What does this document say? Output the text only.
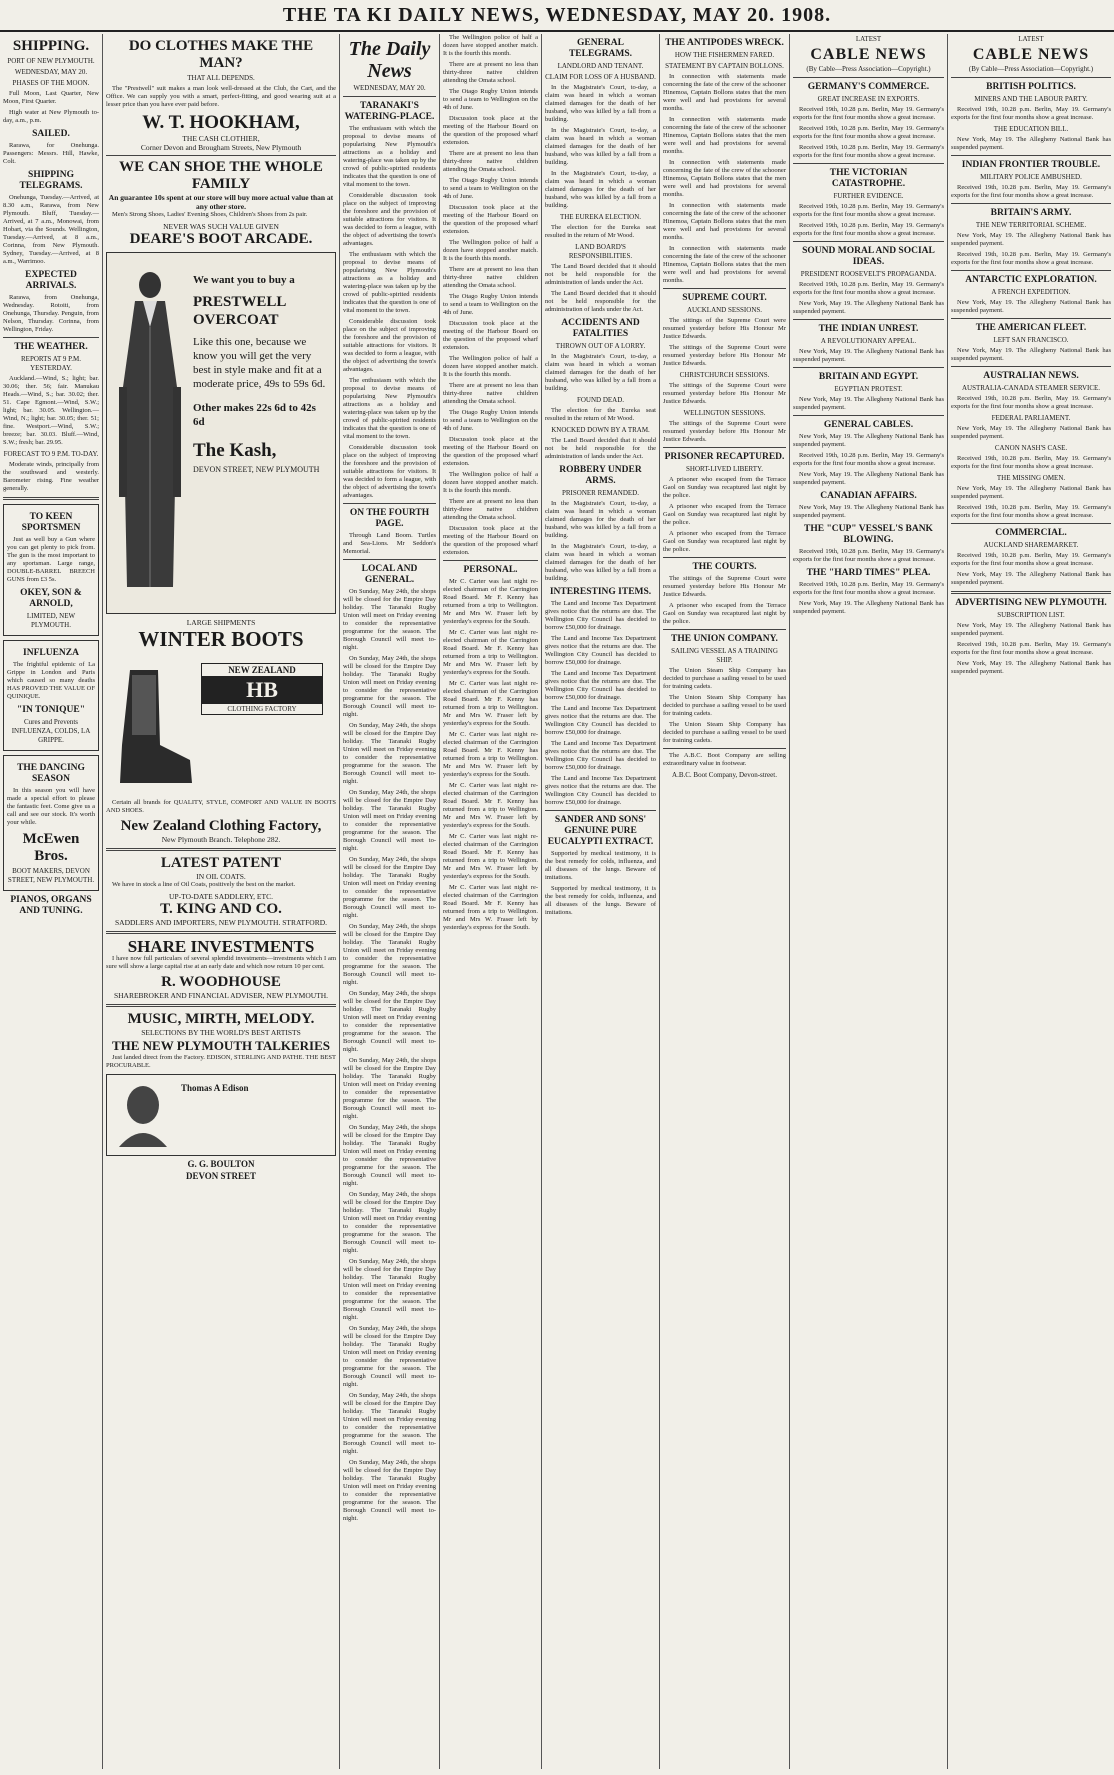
THE TA KI DAILY NEWS, WEDNESDAY, MAY 20. 1908.
SHIPPING.
PORT OF NEW PLYMOUTH.
WEDNESDAY, MAY 20.
PHASES OF THE MOON.

Full Moon, Last Quarter, New Moon, First Quarter.

High water at New Plymouth to-day, a.m., p.m.

SAILED.

Rarawa, for Onehunga. Passengers: Messrs. Hill, Hawke, Colt.

SHIPPING TELEGRAMS.

Onehunga, Tuesday.—Arrived, at 8.30 a.m., Rarawa, from New Plymouth. Bluff, Tuesday.—Arrived, at 7 a.m., Monowai, from Hobart, via the Sounds. Wellington, Tuesday.—Arrived, at 8 a.m., Corinna, from New Plymouth. Sydney, Tuesday.—Arrived, at 8 a.m., Warrimoo.

EXPECTED ARRIVALS.

Rarawa, from Onehunga, Wednesday. Rotoiti, from Onehunga, Thursday. Penguin, from Nelson, Thursday. Corinna, from Wellington, Friday.

THE WEATHER.
REPORTS AT 9 P.M. YESTERDAY.

Auckland.—Wind, S.; light; bar. 30.06; ther. 56; fair. Manukau Heads.—Wind, S.; bar. 30.02; ther. 51. Cape Egmont.—Wind, S.W.; light; bar. 30.05. Wellington.—Wind, N.; light; bar. 30.05; ther. 51; fine. Westport.—Wind, S.W.; breeze; bar. 30.03. Bluff.—Wind, S.W.; fresh; bar. 29.95.

FORECAST TO 9 P.M. TO-DAY.

Moderate winds, principally from the southward and westerly. Barometer rising. Fine weather generally.

TO KEEN SPORTSMEN

Just as well buy a Gun where you can get plenty to pick from. The gun is the most important to any sportsman. Large range, DOUBLE-BARREL BREECH GUNS from £3 5s.

OKEY, SON & ARNOLD,
LIMITED, NEW PLYMOUTH.
INFLUENZA

The frightful epidemic of La Grippe in London and Paris which caused so many deaths HAS PROVED THE VALUE OF QUINIQUE.

"IN TONIQUE"
Cures and Prevents INFLUENZA, COLDS, LA GRIPPE.
THE DANCING SEASON

In this season you will have made a special effort to please the fantastic feet. Come give us a call and see our stock. It's worth your while.

McEwen Bros.
BOOT MAKERS, DEVON STREET, NEW PLYMOUTH.
PIANOS, ORGANS AND TUNING.
DO CLOTHES MAKE THE MAN?
THAT ALL DEPENDS.

The "Prestwell" suit makes a man look well-dressed at the Club, the Cart, and the Office. We can supply you with a smart, perfect-fitting, and good wearing suit at a lesser price than you have ever paid before.

W. T. HOOKHAM,
THE CASH CLOTHIER,
Corner Devon and Brougham Streets, New Plymouth
WE CAN SHOE THE WHOLE FAMILY
An guarantee 10s spent at our store will buy more actual value than at any other store.

Men's Strong Shoes, Ladies' Evening Shoes, Children's Shoes from 2s pair.

NEVER WAS SUCH VALUE GIVEN
DEARE'S BOOT ARCADE.
We want you to buy a
PRESTWELL OVERCOAT
Like this one, because we know you will get the very best in style make and fit at a moderate price, 49s to 59s 6d.
Other makes 22s 6d to 42s 6d
The Kash,
DEVON STREET, NEW PLYMOUTH
LARGE SHIPMENTS
WINTER BOOTS
NEW ZEALAND
HB
CLOTHING FACTORY

Certain all brands for QUALITY, STYLE, COMFORT AND VALUE IN BOOTS AND SHOES.

New Zealand Clothing Factory,
New Plymouth Branch. Telephone 282.
LATEST PATENT
IN OIL COATS.

We have in stock a line of Oil Coats, positively the best on the market.

UP-TO-DATE SADDLERY, ETC.
T. KING AND CO.
SADDLERS AND IMPORTERS, NEW PLYMOUTH. STRATFORD.
SHARE INVESTMENTS

I have now full particulars of several splendid investments—investments which I am sure will show a large capital rise at an early date and which now return 10 per cent.

R. WOODHOUSE
SHAREBROKER AND FINANCIAL ADVISER, NEW PLYMOUTH.
MUSIC, MIRTH, MELODY.
SELECTIONS BY THE WORLD'S BEST ARTISTS
THE NEW PLYMOUTH TALKERIES

Just landed direct from the Factory. EDISON, STERLING AND PATHE. THE BEST PROCURABLE.

Thomas A Edison
G. G. BOULTON
DEVON STREET
The Daily News
WEDNESDAY, MAY 20.
TARANAKI'S WATERING-PLACE.

The enthusiasm with which the proposal to devise means of popularising New Plymouth's attractions as a holiday and watering-place was taken up by the crowd of public-spirited residents indicates that the question is one of vital moment to the town.

Considerable discussion took place on the subject of improving the foreshore and the provision of suitable attractions for visitors. It was decided to form a league, with the object of advertising the town's advantages.

The enthusiasm with which the proposal to devise means of popularising New Plymouth's attractions as a holiday and watering-place was taken up by the crowd of public-spirited residents indicates that the question is one of vital moment to the town.

Considerable discussion took place on the subject of improving the foreshore and the provision of suitable attractions for visitors. It was decided to form a league, with the object of advertising the town's advantages.

The enthusiasm with which the proposal to devise means of popularising New Plymouth's attractions as a holiday and watering-place was taken up by the crowd of public-spirited residents indicates that the question is one of vital moment to the town.

Considerable discussion took place on the subject of improving the foreshore and the provision of suitable attractions for visitors. It was decided to form a league, with the object of advertising the town's advantages.

ON THE FOURTH PAGE.

Through Land Boom. Turtles and Sea-Lions. Mr Seddon's Memorial.

LOCAL AND GENERAL.

On Sunday, May 24th, the shops will be closed for the Empire Day holiday. The Taranaki Rugby Union will meet on Friday evening to consider the representative programme for the season. The Borough Council will meet to-night.

On Sunday, May 24th, the shops will be closed for the Empire Day holiday. The Taranaki Rugby Union will meet on Friday evening to consider the representative programme for the season. The Borough Council will meet to-night.

On Sunday, May 24th, the shops will be closed for the Empire Day holiday. The Taranaki Rugby Union will meet on Friday evening to consider the representative programme for the season. The Borough Council will meet to-night.

On Sunday, May 24th, the shops will be closed for the Empire Day holiday. The Taranaki Rugby Union will meet on Friday evening to consider the representative programme for the season. The Borough Council will meet to-night.

On Sunday, May 24th, the shops will be closed for the Empire Day holiday. The Taranaki Rugby Union will meet on Friday evening to consider the representative programme for the season. The Borough Council will meet to-night.

On Sunday, May 24th, the shops will be closed for the Empire Day holiday. The Taranaki Rugby Union will meet on Friday evening to consider the representative programme for the season. The Borough Council will meet to-night.

On Sunday, May 24th, the shops will be closed for the Empire Day holiday. The Taranaki Rugby Union will meet on Friday evening to consider the representative programme for the season. The Borough Council will meet to-night.

On Sunday, May 24th, the shops will be closed for the Empire Day holiday. The Taranaki Rugby Union will meet on Friday evening to consider the representative programme for the season. The Borough Council will meet to-night.

On Sunday, May 24th, the shops will be closed for the Empire Day holiday. The Taranaki Rugby Union will meet on Friday evening to consider the representative programme for the season. The Borough Council will meet to-night.

On Sunday, May 24th, the shops will be closed for the Empire Day holiday. The Taranaki Rugby Union will meet on Friday evening to consider the representative programme for the season. The Borough Council will meet to-night.

On Sunday, May 24th, the shops will be closed for the Empire Day holiday. The Taranaki Rugby Union will meet on Friday evening to consider the representative programme for the season. The Borough Council will meet to-night.

On Sunday, May 24th, the shops will be closed for the Empire Day holiday. The Taranaki Rugby Union will meet on Friday evening to consider the representative programme for the season. The Borough Council will meet to-night.

On Sunday, May 24th, the shops will be closed for the Empire Day holiday. The Taranaki Rugby Union will meet on Friday evening to consider the representative programme for the season. The Borough Council will meet to-night.

On Sunday, May 24th, the shops will be closed for the Empire Day holiday. The Taranaki Rugby Union will meet on Friday evening to consider the representative programme for the season. The Borough Council will meet to-night.

The Wellington police of half a dozen have stopped another match. It is the fourth this month.

There are at present no less than thirty-three native children attending the Omata school.

The Otago Rugby Union intends to send a team to Wellington on the 4th of June.

Discussion took place at the meeting of the Harbour Board on the question of the proposed wharf extension.

There are at present no less than thirty-three native children attending the Omata school.

The Otago Rugby Union intends to send a team to Wellington on the 4th of June.

Discussion took place at the meeting of the Harbour Board on the question of the proposed wharf extension.

The Wellington police of half a dozen have stopped another match. It is the fourth this month.

There are at present no less than thirty-three native children attending the Omata school.

The Otago Rugby Union intends to send a team to Wellington on the 4th of June.

Discussion took place at the meeting of the Harbour Board on the question of the proposed wharf extension.

The Wellington police of half a dozen have stopped another match. It is the fourth this month.

There are at present no less than thirty-three native children attending the Omata school.

The Otago Rugby Union intends to send a team to Wellington on the 4th of June.

Discussion took place at the meeting of the Harbour Board on the question of the proposed wharf extension.

The Wellington police of half a dozen have stopped another match. It is the fourth this month.

There are at present no less than thirty-three native children attending the Omata school.

Discussion took place at the meeting of the Harbour Board on the question of the proposed wharf extension.

PERSONAL.

Mr C. Carter was last night re-elected chairman of the Carrington Road Board. Mr F. Kenny has returned from a trip to Wellington. Mr and Mrs W. Fraser left by yesterday's express for the South.

Mr C. Carter was last night re-elected chairman of the Carrington Road Board. Mr F. Kenny has returned from a trip to Wellington. Mr and Mrs W. Fraser left by yesterday's express for the South.

Mr C. Carter was last night re-elected chairman of the Carrington Road Board. Mr F. Kenny has returned from a trip to Wellington. Mr and Mrs W. Fraser left by yesterday's express for the South.

Mr C. Carter was last night re-elected chairman of the Carrington Road Board. Mr F. Kenny has returned from a trip to Wellington. Mr and Mrs W. Fraser left by yesterday's express for the South.

Mr C. Carter was last night re-elected chairman of the Carrington Road Board. Mr F. Kenny has returned from a trip to Wellington. Mr and Mrs W. Fraser left by yesterday's express for the South.

Mr C. Carter was last night re-elected chairman of the Carrington Road Board. Mr F. Kenny has returned from a trip to Wellington. Mr and Mrs W. Fraser left by yesterday's express for the South.

Mr C. Carter was last night re-elected chairman of the Carrington Road Board. Mr F. Kenny has returned from a trip to Wellington. Mr and Mrs W. Fraser left by yesterday's express for the South.

GENERAL TELEGRAMS.
LANDLORD AND TENANT.
CLAIM FOR LOSS OF A HUSBAND.

In the Magistrate's Court, to-day, a claim was heard in which a woman claimed damages for the death of her husband, who was killed by a fall from a building.

In the Magistrate's Court, to-day, a claim was heard in which a woman claimed damages for the death of her husband, who was killed by a fall from a building.

In the Magistrate's Court, to-day, a claim was heard in which a woman claimed damages for the death of her husband, who was killed by a fall from a building.

THE EUREKA ELECTION.

The election for the Eureka seat resulted in the return of Mr Wood.

LAND BOARD'S RESPONSIBILITIES.

The Land Board decided that it should not be held responsible for the administration of lands under the Act.

The Land Board decided that it should not be held responsible for the administration of lands under the Act.

ACCIDENTS AND FATALITIES
THROWN OUT OF A LORRY.

In the Magistrate's Court, to-day, a claim was heard in which a woman claimed damages for the death of her husband, who was killed by a fall from a building.

FOUND DEAD.

The election for the Eureka seat resulted in the return of Mr Wood.

KNOCKED DOWN BY A TRAM.

The Land Board decided that it should not be held responsible for the administration of lands under the Act.

ROBBERY UNDER ARMS.
PRISONER REMANDED.

In the Magistrate's Court, to-day, a claim was heard in which a woman claimed damages for the death of her husband, who was killed by a fall from a building.

In the Magistrate's Court, to-day, a claim was heard in which a woman claimed damages for the death of her husband, who was killed by a fall from a building.

INTERESTING ITEMS.

The Land and Income Tax Department gives notice that the returns are due. The Wellington City Council has decided to borrow £50,000 for drainage.

The Land and Income Tax Department gives notice that the returns are due. The Wellington City Council has decided to borrow £50,000 for drainage.

The Land and Income Tax Department gives notice that the returns are due. The Wellington City Council has decided to borrow £50,000 for drainage.

The Land and Income Tax Department gives notice that the returns are due. The Wellington City Council has decided to borrow £50,000 for drainage.

The Land and Income Tax Department gives notice that the returns are due. The Wellington City Council has decided to borrow £50,000 for drainage.

The Land and Income Tax Department gives notice that the returns are due. The Wellington City Council has decided to borrow £50,000 for drainage.

SANDER AND SONS' GENUINE PURE EUCALYPTI EXTRACT.

Supported by medical testimony, it is the best remedy for colds, influenza, and all diseases of the lungs. Beware of imitations.

Supported by medical testimony, it is the best remedy for colds, influenza, and all diseases of the lungs. Beware of imitations.

THE ANTIPODES WRECK.
HOW THE FISHERMEN FARED.
STATEMENT BY CAPTAIN BOLLONS.

In connection with statements made concerning the fate of the crew of the schooner Hinemoa, Captain Bollons states that the men were well and had provisions for several months.

In connection with statements made concerning the fate of the crew of the schooner Hinemoa, Captain Bollons states that the men were well and had provisions for several months.

In connection with statements made concerning the fate of the crew of the schooner Hinemoa, Captain Bollons states that the men were well and had provisions for several months.

In connection with statements made concerning the fate of the crew of the schooner Hinemoa, Captain Bollons states that the men were well and had provisions for several months.

In connection with statements made concerning the fate of the crew of the schooner Hinemoa, Captain Bollons states that the men were well and had provisions for several months.

SUPREME COURT.
AUCKLAND SESSIONS.

The sittings of the Supreme Court were resumed yesterday before His Honour Mr Justice Edwards.

The sittings of the Supreme Court were resumed yesterday before His Honour Mr Justice Edwards.

CHRISTCHURCH SESSIONS.

The sittings of the Supreme Court were resumed yesterday before His Honour Mr Justice Edwards.

WELLINGTON SESSIONS.

The sittings of the Supreme Court were resumed yesterday before His Honour Mr Justice Edwards.

PRISONER RECAPTURED.
SHORT-LIVED LIBERTY.

A prisoner who escaped from the Terrace Gaol on Sunday was recaptured last night by the police.

A prisoner who escaped from the Terrace Gaol on Sunday was recaptured last night by the police.

A prisoner who escaped from the Terrace Gaol on Sunday was recaptured last night by the police.

THE COURTS.

The sittings of the Supreme Court were resumed yesterday before His Honour Mr Justice Edwards.

A prisoner who escaped from the Terrace Gaol on Sunday was recaptured last night by the police.

THE UNION COMPANY.
SAILING VESSEL AS A TRAINING SHIP.

The Union Steam Ship Company has decided to purchase a sailing vessel to be used for training cadets.

The Union Steam Ship Company has decided to purchase a sailing vessel to be used for training cadets.

The Union Steam Ship Company has decided to purchase a sailing vessel to be used for training cadets.

The A.B.C. Boot Company are selling extraordinary value in footwear.

A.B.C. Boot Company, Devon-street.
LATEST
CABLE NEWS
(By Cable—Press Association—Copyright.)
GERMANY'S COMMERCE.
GREAT INCREASE IN EXPORTS.

Received 19th, 10.28 p.m. Berlin, May 19. Germany's exports for the first four months show a great increase.

Received 19th, 10.28 p.m. Berlin, May 19. Germany's exports for the first four months show a great increase.

Received 19th, 10.28 p.m. Berlin, May 19. Germany's exports for the first four months show a great increase.

THE VICTORIAN CATASTROPHE.
FURTHER EVIDENCE.

Received 19th, 10.28 p.m. Berlin, May 19. Germany's exports for the first four months show a great increase.

Received 19th, 10.28 p.m. Berlin, May 19. Germany's exports for the first four months show a great increase.

SOUND MORAL AND SOCIAL IDEAS.
PRESIDENT ROOSEVELT'S PROPAGANDA.

Received 19th, 10.28 p.m. Berlin, May 19. Germany's exports for the first four months show a great increase.

New York, May 19. The Allegheny National Bank has suspended payment.

THE INDIAN UNREST.
A REVOLUTIONARY APPEAL.

New York, May 19. The Allegheny National Bank has suspended payment.

BRITAIN AND EGYPT.
EGYPTIAN PROTEST.

New York, May 19. The Allegheny National Bank has suspended payment.

GENERAL CABLES.

New York, May 19. The Allegheny National Bank has suspended payment.

Received 19th, 10.28 p.m. Berlin, May 19. Germany's exports for the first four months show a great increase.

New York, May 19. The Allegheny National Bank has suspended payment.

CANADIAN AFFAIRS.

New York, May 19. The Allegheny National Bank has suspended payment.

THE "CUP" VESSEL'S BANK BLOWING.

Received 19th, 10.28 p.m. Berlin, May 19. Germany's exports for the first four months show a great increase.

THE "HARD TIMES" PLEA.

Received 19th, 10.28 p.m. Berlin, May 19. Germany's exports for the first four months show a great increase.

New York, May 19. The Allegheny National Bank has suspended payment.

LATEST
CABLE NEWS
(By Cable—Press Association—Copyright.)
BRITISH POLITICS.
MINERS AND THE LABOUR PARTY.

Received 19th, 10.28 p.m. Berlin, May 19. Germany's exports for the first four months show a great increase.

THE EDUCATION BILL.

New York, May 19. The Allegheny National Bank has suspended payment.

INDIAN FRONTIER TROUBLE.
MILITARY POLICE AMBUSHED.

Received 19th, 10.28 p.m. Berlin, May 19. Germany's exports for the first four months show a great increase.

BRITAIN'S ARMY.
THE NEW TERRITORIAL SCHEME.

New York, May 19. The Allegheny National Bank has suspended payment.

Received 19th, 10.28 p.m. Berlin, May 19. Germany's exports for the first four months show a great increase.

ANTARCTIC EXPLORATION.
A FRENCH EXPEDITION.

New York, May 19. The Allegheny National Bank has suspended payment.

THE AMERICAN FLEET.
LEFT SAN FRANCISCO.

New York, May 19. The Allegheny National Bank has suspended payment.

AUSTRALIAN NEWS.
AUSTRALIA-CANADA STEAMER SERVICE.

Received 19th, 10.28 p.m. Berlin, May 19. Germany's exports for the first four months show a great increase.

FEDERAL PARLIAMENT.

New York, May 19. The Allegheny National Bank has suspended payment.

CANON NASH'S CASE.

Received 19th, 10.28 p.m. Berlin, May 19. Germany's exports for the first four months show a great increase.

THE MISSING OMEN.

New York, May 19. The Allegheny National Bank has suspended payment.

Received 19th, 10.28 p.m. Berlin, May 19. Germany's exports for the first four months show a great increase.

COMMERCIAL.
AUCKLAND SHAREMARKET.

Received 19th, 10.28 p.m. Berlin, May 19. Germany's exports for the first four months show a great increase.

New York, May 19. The Allegheny National Bank has suspended payment.

ADVERTISING NEW PLYMOUTH.
SUBSCRIPTION LIST.

New York, May 19. The Allegheny National Bank has suspended payment.

Received 19th, 10.28 p.m. Berlin, May 19. Germany's exports for the first four months show a great increase.

New York, May 19. The Allegheny National Bank has suspended payment.
